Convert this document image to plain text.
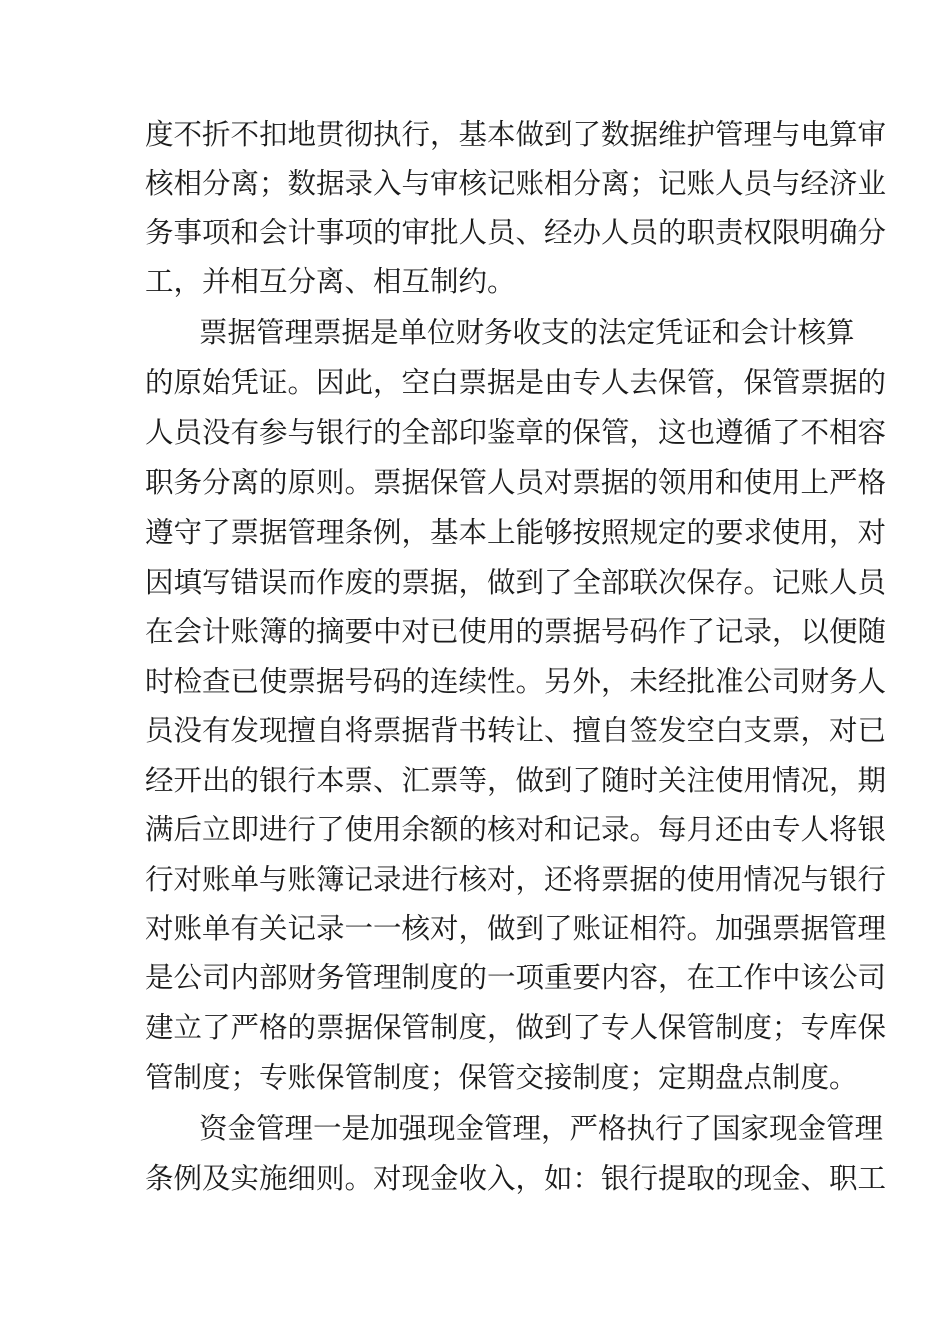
度不折不扣地贯彻执行，基本做到了数据维护管理与电算审
核相分离；数据录入与审核记账相分离；记账人员与经济业
务事项和会计事项的审批人员、经办人员的职责权限明确分
工，并相互分离、相互制约。
票据管理票据是单位财务收支的法定凭证和会计核算
的原始凭证。因此，空白票据是由专人去保管，保管票据的
人员没有参与银行的全部印鉴章的保管，这也遵循了不相容
职务分离的原则。票据保管人员对票据的领用和使用上严格
遵守了票据管理条例，基本上能够按照规定的要求使用，对
因填写错误而作废的票据，做到了全部联次保存。记账人员
在会计账簿的摘要中对已使用的票据号码作了记录，以便随
时检查已使票据号码的连续性。另外，未经批准公司财务人
员没有发现擅自将票据背书转让、擅自签发空白支票，对已
经开出的银行本票、汇票等，做到了随时关注使用情况，期
满后立即进行了使用余额的核对和记录。每月还由专人将银
行对账单与账簿记录进行核对，还将票据的使用情况与银行
对账单有关记录一一核对，做到了账证相符。加强票据管理
是公司内部财务管理制度的一项重要内容，在工作中该公司
建立了严格的票据保管制度，做到了专人保管制度；专库保
管制度；专账保管制度；保管交接制度；定期盘点制度。
资金管理一是加强现金管理，严格执行了国家现金管理
条例及实施细则。对现金收入，如：银行提取的现金、职工
